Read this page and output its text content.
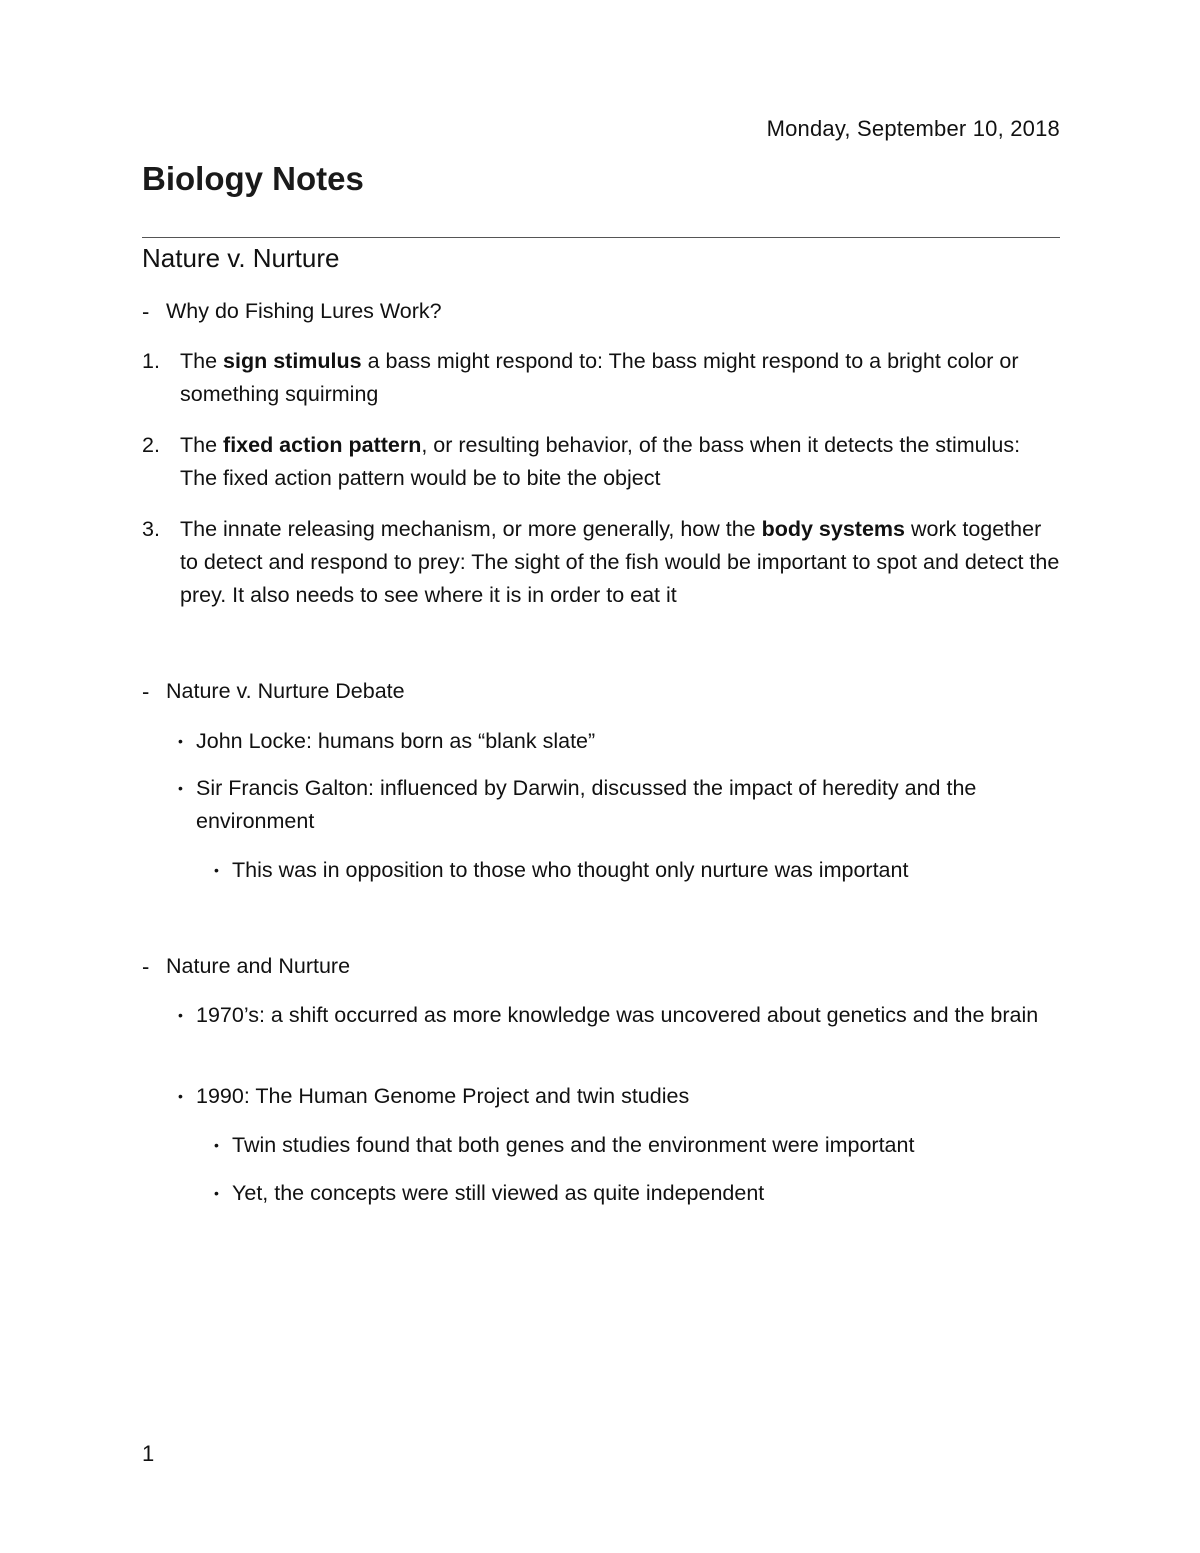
Monday, September 10, 2018
Biology Notes
Nature v. Nurture
- Why do Fishing Lures Work?
1. The sign stimulus a bass might respond to: The bass might respond to a bright color or something squirming
2. The fixed action pattern, or resulting behavior, of the bass when it detects the stimulus: The fixed action pattern would be to bite the object
3. The innate releasing mechanism, or more generally, how the body systems work together to detect and respond to prey: The sight of the fish would be important to spot and detect the prey. It also needs to see where it is in order to eat it
- Nature v. Nurture Debate
• John Locke: humans born as “blank slate”
• Sir Francis Galton: influenced by Darwin, discussed the impact of heredity and the environment
• This was in opposition to those who thought only nurture was important
- Nature and Nurture
• 1970’s: a shift occurred as more knowledge was uncovered about genetics and the brain
• 1990: The Human Genome Project and twin studies
• Twin studies found that both genes and the environment were important
• Yet, the concepts were still viewed as quite independent
1
